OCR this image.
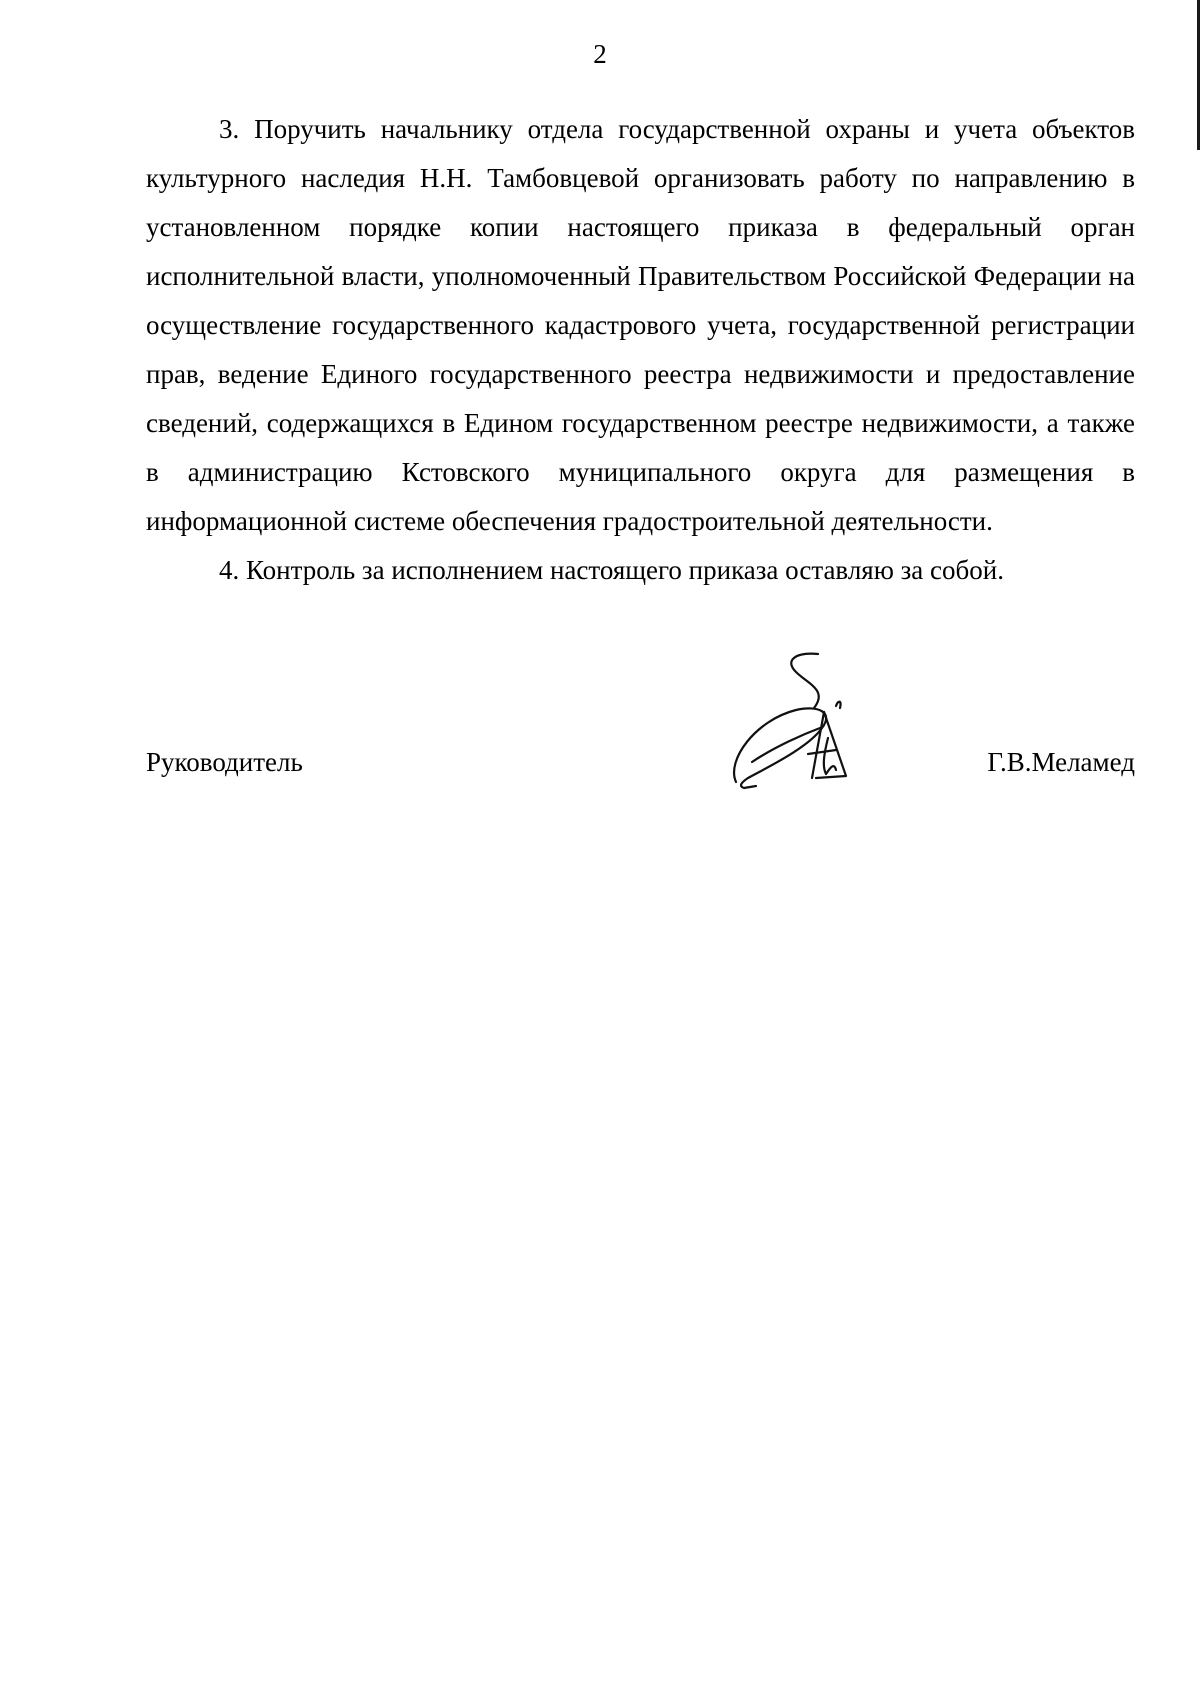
2

3. Поручить начальнику отдела государственной охраны и учета объектов культурного наследия Н.Н. Тамбовцевой организовать работу по направлению в установленном порядке копии настоящего приказа в федеральный орган исполнительной власти, уполномоченный Правительством Российской Федерации на осуществление государственного кадастрового учета, государственной регистрации прав, ведение Единого государственного реестра недвижимости и предоставление сведений, содержащихся в Едином государственном реестре недвижимости, а также в администрацию Кстовского муниципального округа для размещения в информационной системе обеспечения градостроительной деятельности.

4. Контроль за исполнением настоящего приказа оставляю за собой.

Руководитель	Г.В.Меламед
